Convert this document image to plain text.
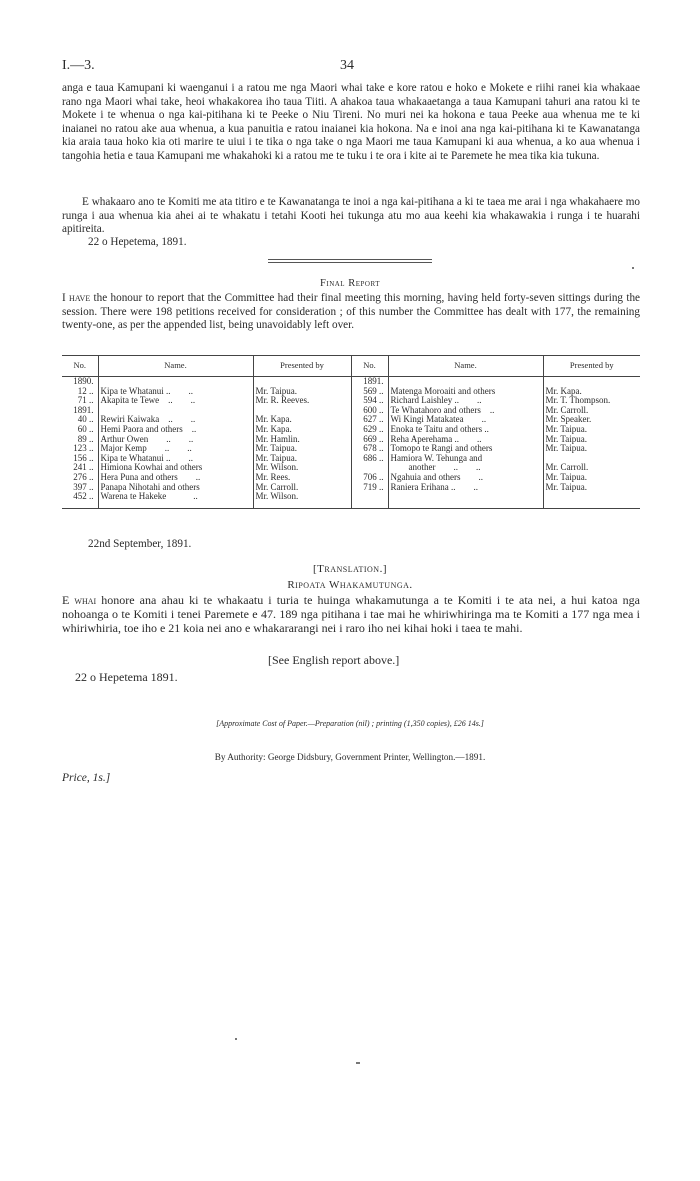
I.—3.	34

anga e taua Kamupani ki waenganui i a ratou me nga Maori whai take e kore ratou e hoko e Mokete e riihi ranei kia whakaae rano nga Maori whai take, heoi whakakorea iho taua Tiiti. A ahakoa taua whakaaetanga a taua Kamupani tahuri ana ratou ki te Mokete i te whenua o nga kai-pitihana ki te Peeke o Niu Tireni. No muri nei ka hokona e taua Peeke aua whenua me te ki inaianei no ratou ake aua whenua, a kua panuitia e ratou inaianei kia hokona. Na e inoi ana nga kai-pitihana ki te Kawanatanga kia araia taua hoko kia oti marire te uiui i te tika o nga take o nga Maori me taua Kamupani ki aua whenua, a ko aua whenua i tangohia hetia e taua Kamupani me whakahoki ki a ratou me te tuku i te ora i kite ai te Paremete he mea tika kia tukuna.

E whakaaro ano te Komiti me ata titiro e te Kawanatanga te inoi a nga kai-pitihana a ki te taea me arai i nga whakahaere mo runga i aua whenua kia ahei ai te whakatu i tetahi Kooti hei tukunga atu mo aua keehi kia whakawakia i runga i te huarahi apitireita.

22 o Hepetema, 1891.
Final Report

I have the honour to report that the Committee had their final meeting this morning, having held forty-seven sittings during the session. There were 198 petitions received for consideration ; of this number the Committee has dealt with 177, the remaining twenty-one, as per the appended list, being unavoidably left over.

No.	Name.	Presented by	No.	Name.	Presented by
1890.			1891.		
12 ..	Kipa te Whatanui ..  ..	Mr. Taipua.	569 ..	Matenga Moroaiti and others	Mr. Kapa.
71 ..	Akapita te Tewe ..  ..	Mr. R. Reeves.	594 ..	Richard Laishley ..  ..	Mr. T. Thompson.
1891.			600 ..	Te Whatahoro and others ..	Mr. Carroll.
40 ..	Rewiri Kaiwaka ..  ..	Mr. Kapa.	627 ..	Wi Kingi Matakatea  ..	Mr. Speaker.
60 ..	Hemi Paora and others ..	Mr. Kapa.	629 ..	Enoka te Taitu and others ..	Mr. Taipua.
89 ..	Arthur Owen  ..  ..	Mr. Hamlin.	669 ..	Reha Aperehama ..  ..	Mr. Taipua.
123 ..	Major Kemp  ..  ..	Mr. Taipua.	678 ..	Tomopo te Rangi and others	Mr. Taipua.
156 ..	Kipa te Whatanui ..  ..	Mr. Taipua.	686 ..	Hamiora W. Tehunga and	
241 ..	Himiona Kowhai and others	Mr. Wilson.		  another  ..  ..	Mr. Carroll.
276 ..	Hera Puna and others  ..	Mr. Rees.	706 ..	Ngahuia and others  ..	Mr. Taipua.
397 ..	Panapa Nihotahi and others	Mr. Carroll.	719 ..	Raniera Erihana ..  ..	Mr. Taipua.
452 ..	Warena te Hakeke   ..	Mr. Wilson.			
22nd September, 1891.
[Translation.]
Ripoata Whakamutunga.

E whai honore ana ahau ki te whakaatu i turia te huinga whakamutunga a te Komiti i te ata nei, a hui katoa nga nohoanga o te Komiti i tenei Paremete e 47. 189 nga pitihana i tae mai he whiriwhiringa ma te Komiti a 177 nga mea i whiriwhiria, toe iho e 21 koia nei ano e whakararangi nei i raro iho nei kihai hoki i taea te mahi.

[See English report above.]
22 o Hepetema 1891.
[Approximate Cost of Paper.—Preparation (nil) ; printing (1,350 copies), £26 14s.]
By Authority: George Didsbury, Government Printer, Wellington.—1891.
Price, 1s.]
